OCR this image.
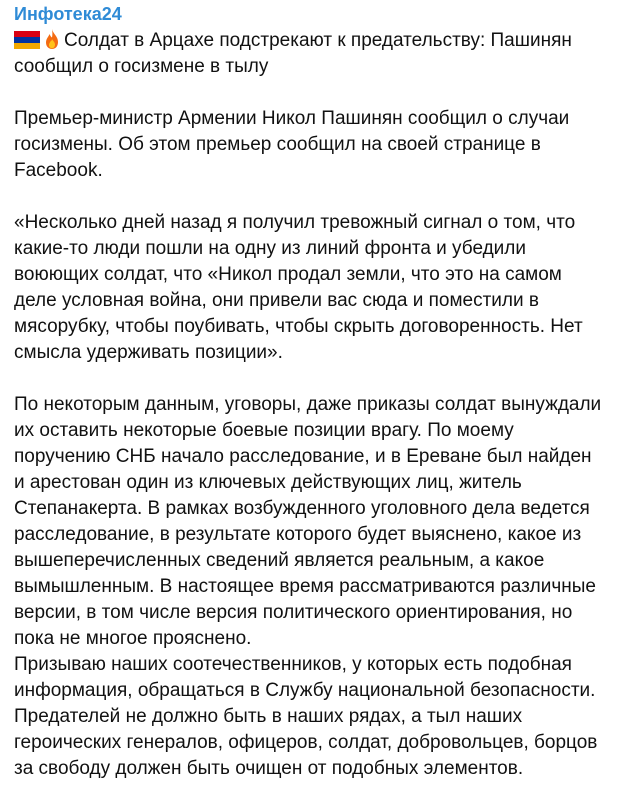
Инфотека24
Солдат в Арцахе подстрекают к предательству: Пашинян сообщил о госизмене в тылу

Премьер-министр Армении Никол Пашинян сообщил о случаи госизмены. Об этом премьер сообщил на своей странице в Facebook.

«Несколько дней назад я получил тревожный сигнал о том, что какие-то люди пошли на одну из линий фронта и убедили воюющих солдат, что «Никол продал земли, что это на самом деле условная война, они привели вас сюда и поместили в мясорубку, чтобы поубивать, чтобы скрыть договоренность. Нет смысла удерживать позиции».

По некоторым данным, уговоры, даже приказы солдат вынуждали их оставить некоторые боевые позиции врагу. По моему поручению СНБ начало расследование, и в Ереване был найден и арестован один из ключевых действующих лиц, житель Степанакерта. В рамках возбужденного уголовного дела ведется расследование, в результате которого будет выяснено, какое из вышеперечисленных сведений является реальным, а какое вымышленным. В настоящее время рассматриваются различные версии, в том числе версия политического ориентирования, но пока не многое прояснено.

Призываю наших соотечественников, у которых есть подобная информация, обращаться в Службу национальной безопасности. Предателей не должно быть в наших рядах, а тыл наших героических генералов, офицеров, солдат, добровольцев, борцов за свободу должен быть очищен от подобных элементов.
